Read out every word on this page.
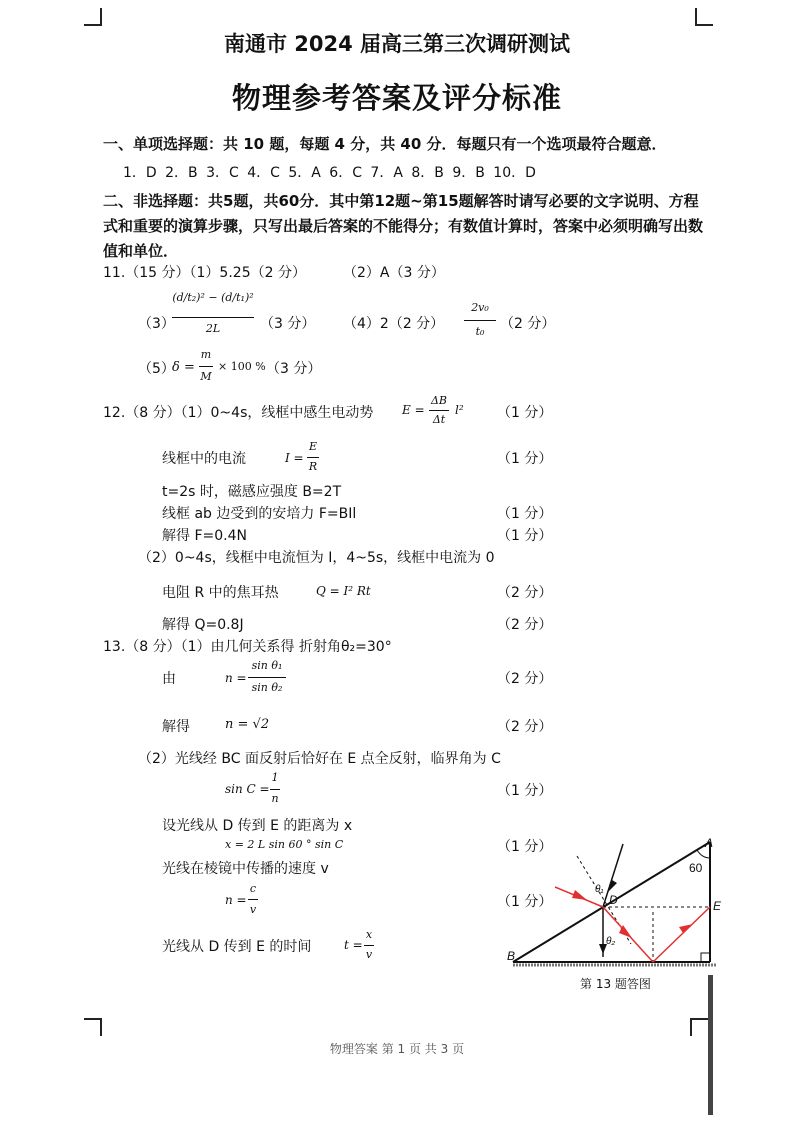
南通市 2024 届高三第三次调研测试
物理参考答案及评分标准
一、单项选择题：共 10 题，每题 4 分，共 40 分．每题只有一个选项最符合题意．
1．D 2．B 3．C 4．C 5．A 6．C 7．A 8．B 9．B 10．D
二、非选择题：共5题，共60分．其中第12题~第15题解答时请写必要的文字说明、方程式和重要的演算步骤，只写出最后答案的不能得分；有数值计算时，答案中必须明确写出数值和单位．
11.（15 分）（1）5.25（2 分）	（2）A（3 分）
（3）
(d/t₂)² − (d/t₁)²
2L	（3 分） （4）2（2 分）
2v₀
t₀	（2 分）
（5）
δ =
m
M
× 100 % （3 分）
12.（8 分）（1）0~4s，线框中感生电动势 E =
ΔB
Δt
l² （1 分）
线框中的电流	I =
E
R	（1 分）
t=2s 时，磁感应强度 B=2T
线框 ab 边受到的安培力 F=BIl	（1 分）
解得 F=0.4N	（1 分）
（2）0~4s，线框中电流恒为 I，4~5s，线框中电流为 0
电阻 R 中的焦耳热	Q = I² Rt	（2 分）
解得 Q=0.8J	（2 分）
13.（8 分）（1）由几何关系得 折射角θ₂=30°
由	n =
sin θ₁
sin θ₂
（2 分）
解得	n = √2	（2 分）
（2）光线经 BC 面反射后恰好在 E 点全反射，临界角为 C
sin C =
1
n	（1 分）
设光线从 D 传到 E 的距离为 x
x = 2 L sin 60 ° sin C	（1 分）
光线在棱镜中传播的速度 v
n =
c
v	（1 分）
光线从 D 传到 E 的时间	t =
x
v
A
B
D	E
60
θ₁
θ₂
第 13 题答图
物理答案 第 1 页 共 3 页
